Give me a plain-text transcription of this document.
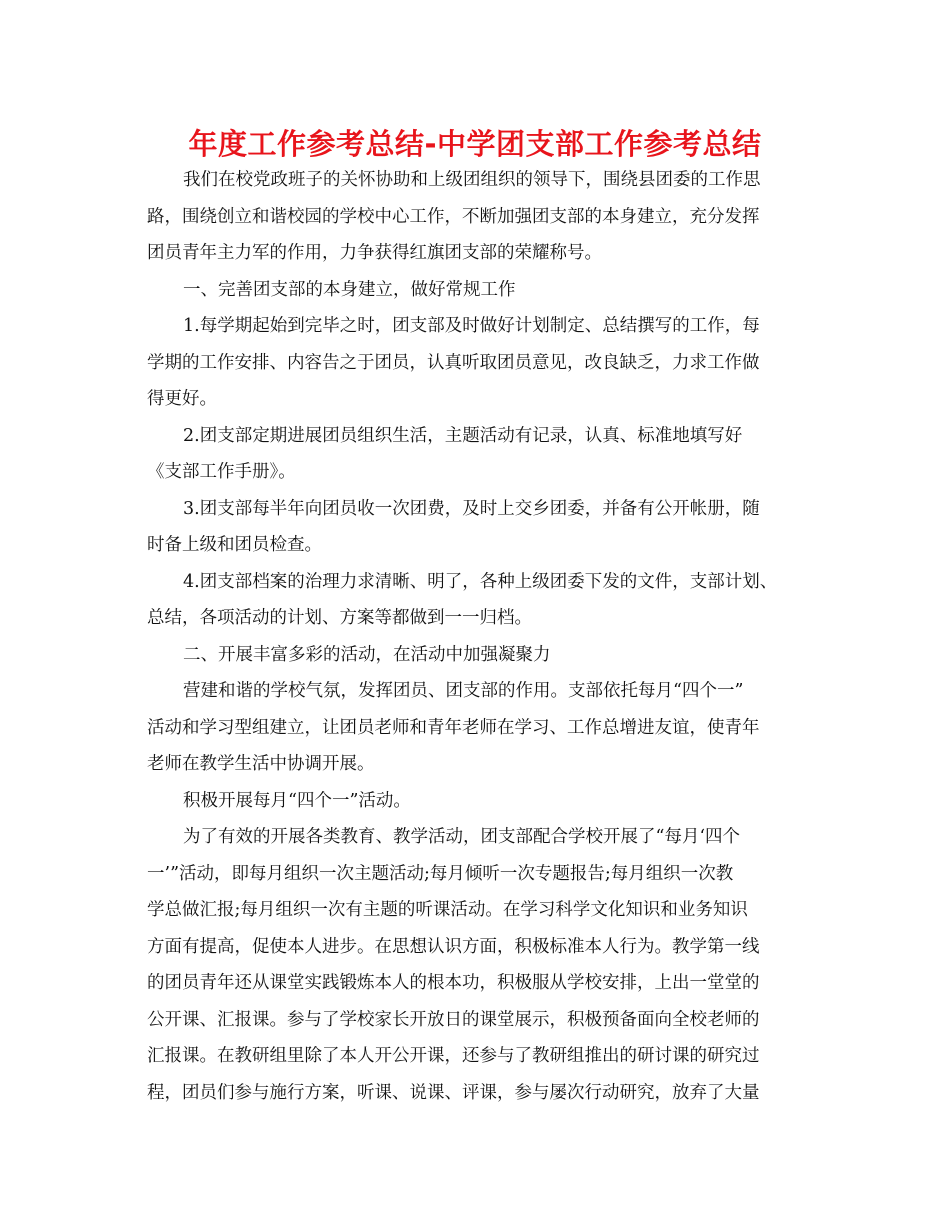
年度工作参考总结-中学团支部工作参考总结
我们在校党政班子的关怀协助和上级团组织的领导下，围绕县团委的工作思
路，围绕创立和谐校园的学校中心工作，不断加强团支部的本身建立，充分发挥
团员青年主力军的作用，力争获得红旗团支部的荣耀称号。
一、完善团支部的本身建立，做好常规工作
1.每学期起始到完毕之时，团支部及时做好计划制定、总结撰写的工作，每
学期的工作安排、内容告之于团员，认真听取团员意见，改良缺乏，力求工作做
得更好。
2.团支部定期进展团员组织生活，主题活动有记录，认真、标准地填写好
《支部工作手册》。
3.团支部每半年向团员收一次团费，及时上交乡团委，并备有公开帐册，随
时备上级和团员检查。
4.团支部档案的治理力求清晰、明了，各种上级团委下发的文件，支部计划、
总结，各项活动的计划、方案等都做到一一归档。
二、开展丰富多彩的活动，在活动中加强凝聚力
营建和谐的学校气氛，发挥团员、团支部的作用。支部依托每月“四个一”
活动和学习型组建立，让团员老师和青年老师在学习、工作总增进友谊，使青年
老师在教学生活中协调开展。
积极开展每月“四个一”活动。
为了有效的开展各类教育、教学活动，团支部配合学校开展了“每月‘四个
一’”活动，即每月组织一次主题活动;每月倾听一次专题报告;每月组织一次教
学总做汇报;每月组织一次有主题的听课活动。在学习科学文化知识和业务知识
方面有提高，促使本人进步。在思想认识方面，积极标准本人行为。教学第一线
的团员青年还从课堂实践锻炼本人的根本功，积极服从学校安排，上出一堂堂的
公开课、汇报课。参与了学校家长开放日的课堂展示，积极预备面向全校老师的
汇报课。在教研组里除了本人开公开课，还参与了教研组推出的研讨课的研究过
程，团员们参与施行方案，听课、说课、评课，参与屡次行动研究，放弃了大量
